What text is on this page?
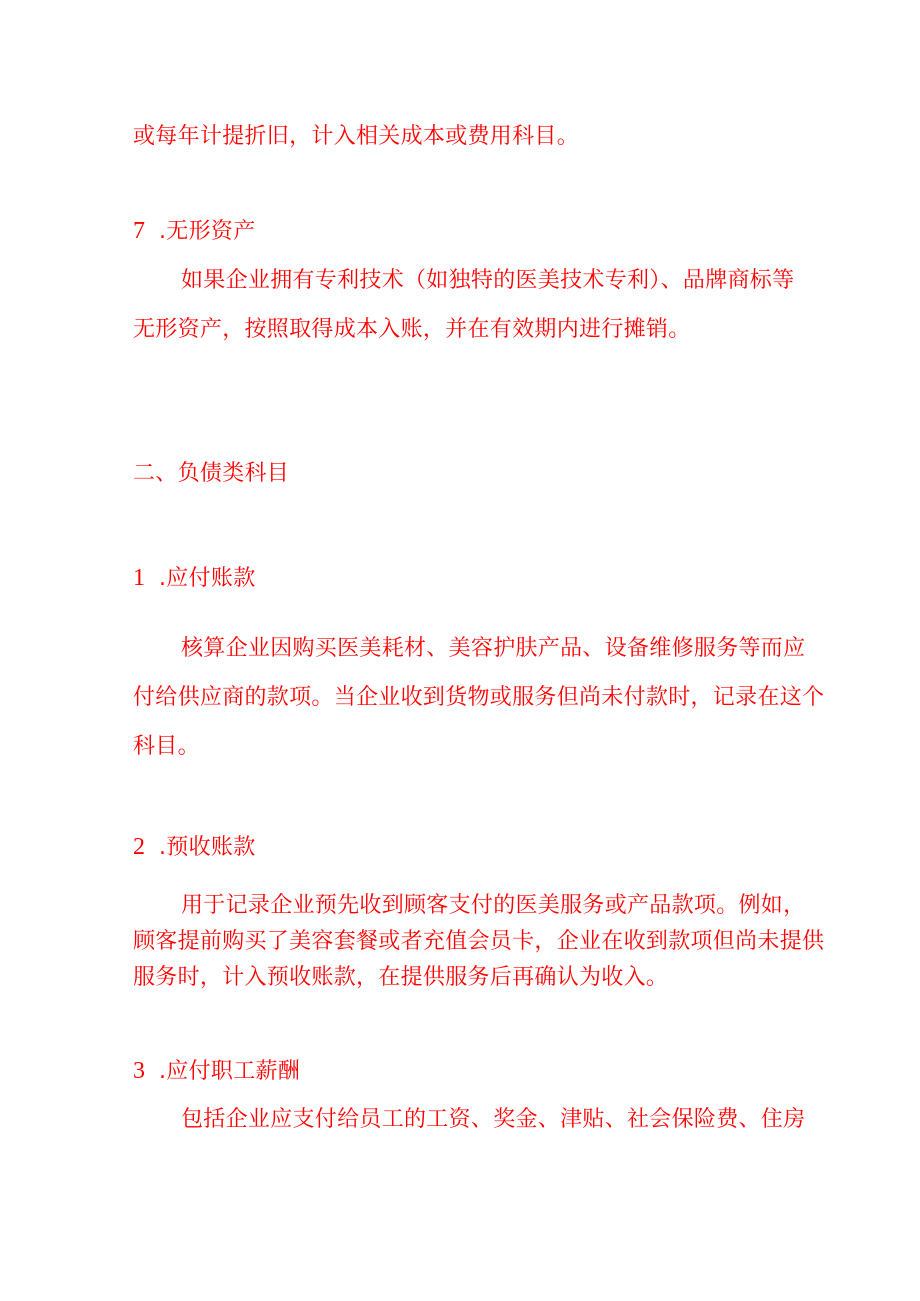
或每年计提折旧，计入相关成本或费用科目。
7 .无形资产
如果企业拥有专利技术（如独特的医美技术专利）、品牌商标等
无形资产，按照取得成本入账，并在有效期内进行摊销。
二、负债类科目
1 .应付账款
核算企业因购买医美耗材、美容护肤产品、设备维修服务等而应
付给供应商的款项。当企业收到货物或服务但尚未付款时，记录在这个
科目。
2 .预收账款
用于记录企业预先收到顾客支付的医美服务或产品款项。例如，
顾客提前购买了美容套餐或者充值会员卡，企业在收到款项但尚未提供
服务时，计入预收账款，在提供服务后再确认为收入。
3 .应付职工薪酬
包括企业应支付给员工的工资、奖金、津贴、社会保险费、住房
